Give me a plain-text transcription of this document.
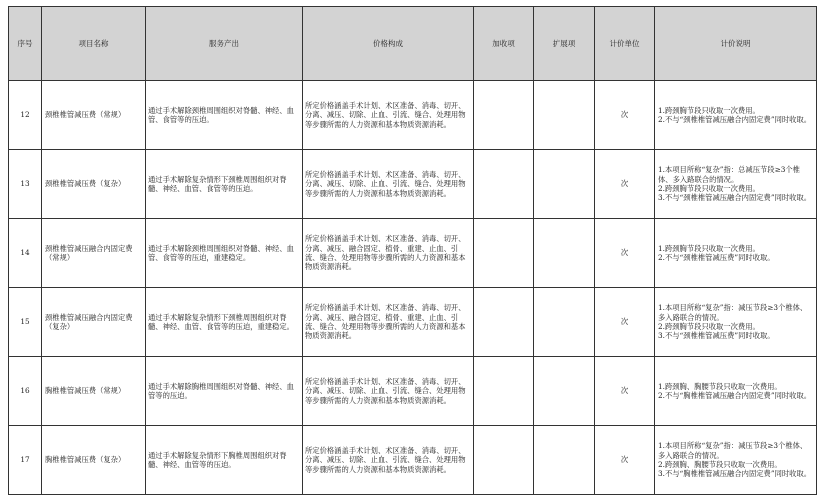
序号	项目名称	服务产出	价格构成	加收项	扩展项	计价单位	计价说明
12	颈椎椎管减压费（常规）	通过手术解除颈椎周围组织对脊髓、神经、血管、食管等的压迫。	所定价格涵盖手术计划、术区准备、消毒、切开、分离、减压、切除、止血、引流、缝合、处理用物等步骤所需的人力资源和基本物质资源消耗。			次	1.跨颈胸节段只收取一次费用。
2.不与“颈椎椎管减压融合内固定费”同时收取。

13	颈椎椎管减压费（复杂）	通过手术解除复杂情形下颈椎周围组织对脊髓、神经、血管、食管等的压迫。	所定价格涵盖手术计划、术区准备、消毒、切开、分离、减压、切除、止血、引流、缝合、处理用物等步骤所需的人力资源和基本物质资源消耗。			次	1.本项目所称“复杂”指：总减压节段≥3个椎体、多入路联合的情况。
2.跨颈胸节段只收取一次费用。
3.不与“颈椎椎管减压融合内固定费”同时收取。

14	颈椎椎管减压融合内固定费（常规）	通过手术解除颈椎周围组织对脊髓、神经、血管、食管等的压迫，重建稳定。	所定价格涵盖手术计划、术区准备、消毒、切开、分离、减压、融合固定、植骨、重建、止血、引流、缝合、处理用物等步骤所需的人力资源和基本物质资源消耗。			次	1.跨颈胸节段只收取一次费用。
2.不与“颈椎椎管减压费”同时收取。

15	颈椎椎管减压融合内固定费（复杂）	通过手术解除复杂情形下颈椎周围组织对脊髓、神经、血管、食管等的压迫，重建稳定。	所定价格涵盖手术计划、术区准备、消毒、切开、分离、减压、融合固定、植骨、重建、止血、引流、缝合、处理用物等步骤所需的人力资源和基本物质资源消耗。			次	1.本项目所称“复杂”指：减压节段≥3个椎体、多入路联合的情况。
2.跨颈胸节段只收取一次费用。
3.不与“颈椎椎管减压费”同时收取。

16	胸椎椎管减压费（常规）	通过手术解除胸椎周围组织对脊髓、神经、血管等的压迫。	所定价格涵盖手术计划、术区准备、消毒、切开、分离、减压、切除、止血、引流、缝合、处理用物等步骤所需的人力资源和基本物质资源消耗。			次	1.跨颈胸、胸腰节段只收取一次费用。
2.不与“胸椎椎管减压融合内固定费”同时收取。

17	胸椎椎管减压费（复杂）	通过手术解除复杂情形下胸椎周围组织对脊髓、神经、血管等的压迫。	所定价格涵盖手术计划、术区准备、消毒、切开、分离、减压、切除、止血、引流、缝合、处理用物等步骤所需的人力资源和基本物质资源消耗。			次	1.本项目所称“复杂”指：减压节段≥3个椎体、多入路联合的情况。
2.跨颈胸、胸腰节段只收取一次费用。
3.不与“胸椎椎管减压融合内固定费”同时收取。
